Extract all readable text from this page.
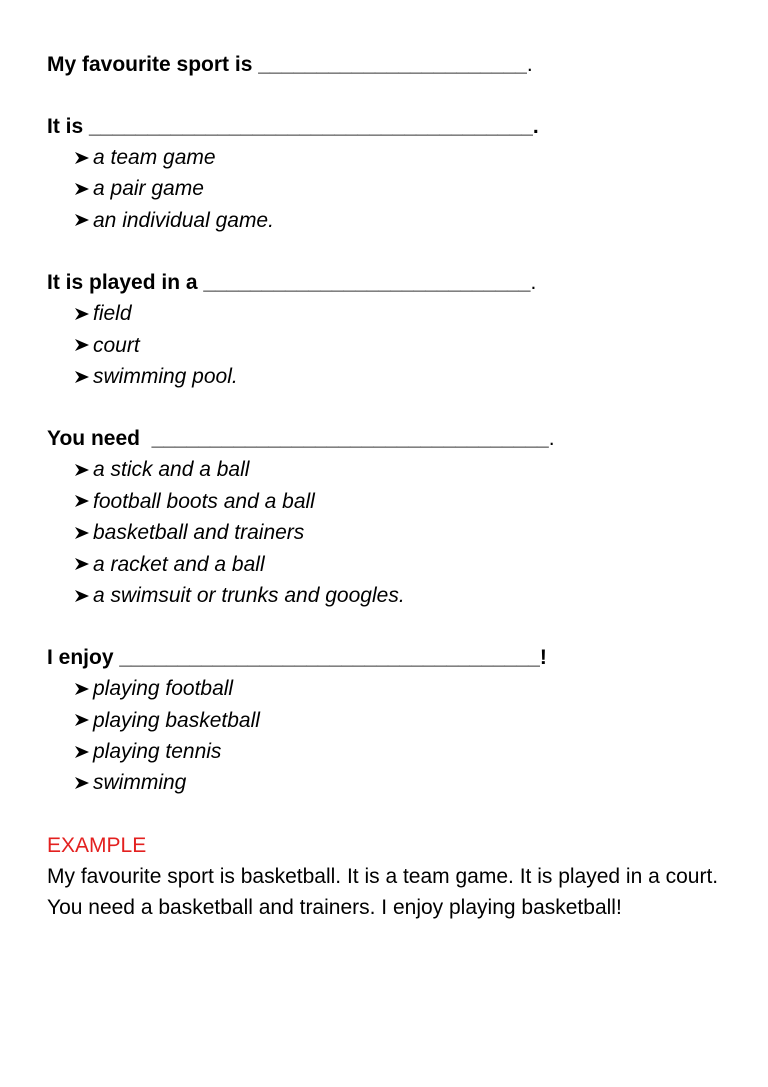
My favourite sport is _______________________.
It is ______________________________________.
a team game
a pair game
an individual game.
It is played in a ____________________________.
field
court
swimming pool.
You need __________________________________.
a stick and a ball
football boots and a ball
basketball and trainers
a racket and a ball
a swimsuit or trunks and googles.
I enjoy ____________________________________!
playing football
playing basketball
playing tennis
swimming
EXAMPLE
My favourite sport is basketball. It is a team game. It is played in a court. You need a basketball and trainers. I enjoy playing basketball!
